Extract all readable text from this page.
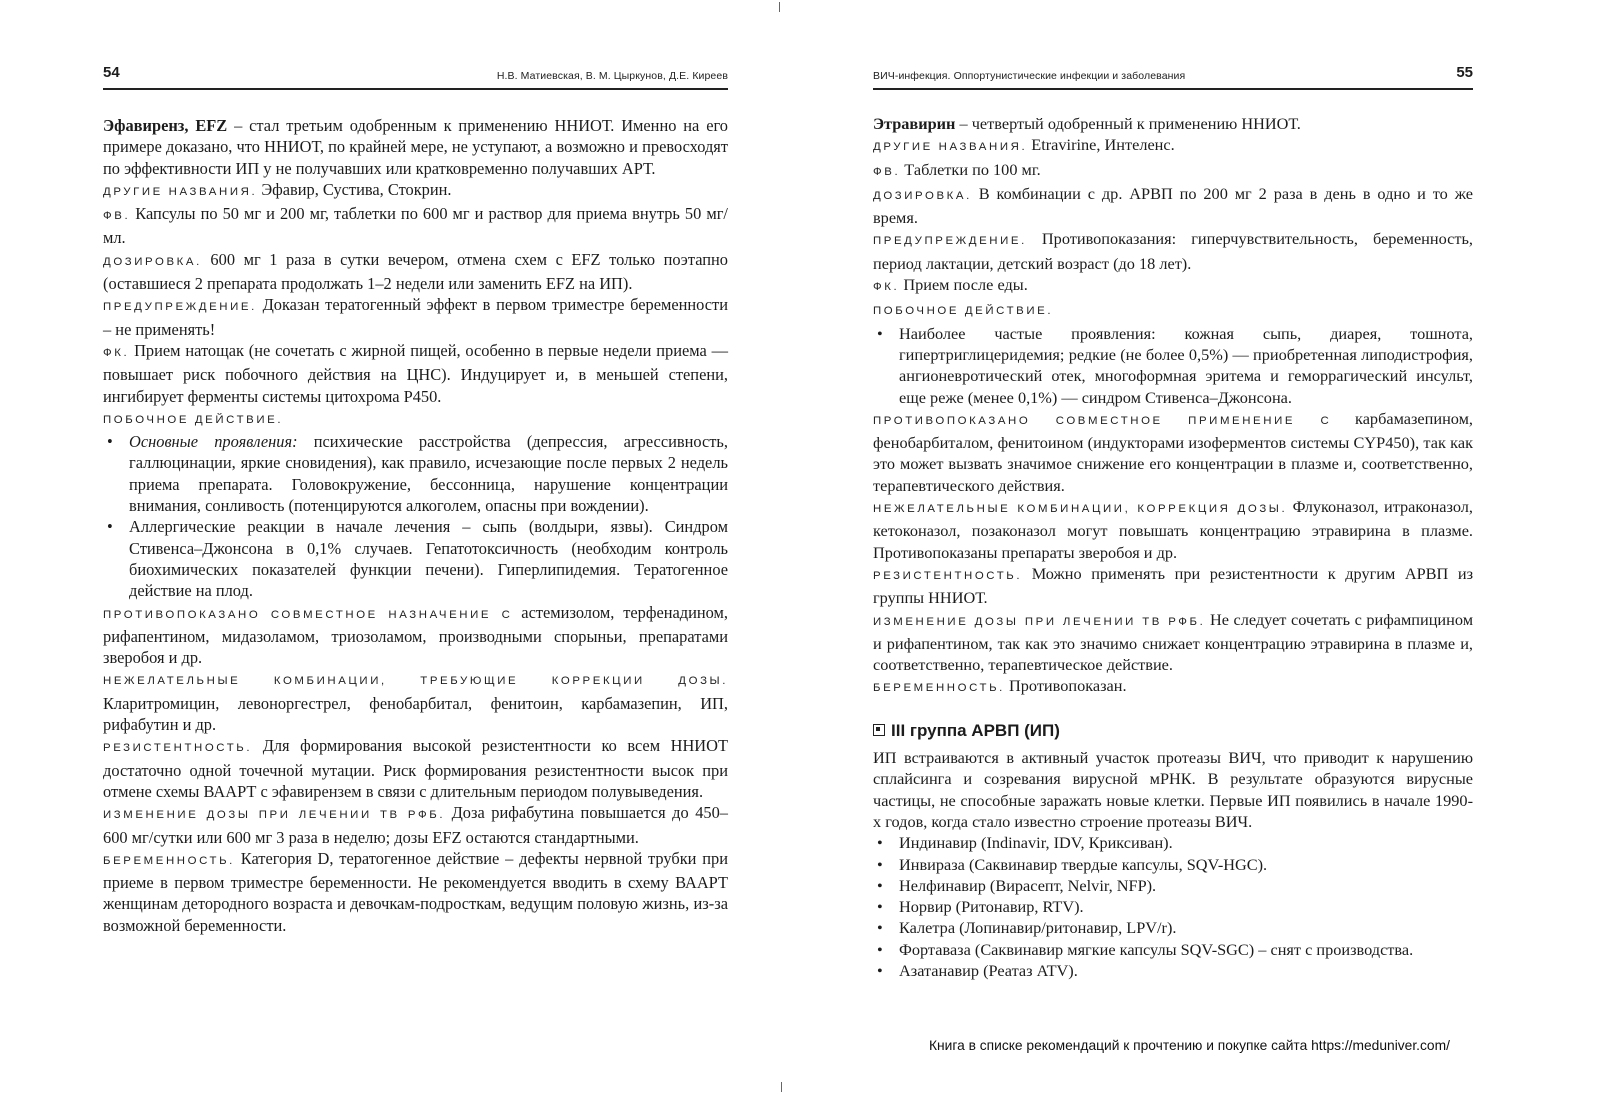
54	Н.В. Матиевская, В. М. Цыркунов, Д.Е. Киреев

Эфавиренз, EFZ – стал третьим одобренным к применению ННИОТ. Именно на его примере доказано, что ННИОТ, по крайней мере, не уступают, а возможно и превосходят по эффективности ИП у не получавших или кратковременно получавших АРТ.

ДРУГИЕ НАЗВАНИЯ. Эфавир, Сустива, Стокрин.

ФВ. Капсулы по 50 мг и 200 мг, таблетки по 600 мг и раствор для приема внутрь 50 мг/мл.

ДОЗИРОВКА. 600 мг 1 раза в сутки вечером, отмена схем с EFZ только поэтапно (оставшиеся 2 препарата продолжать 1–2 недели или заменить EFZ на ИП).

ПРЕДУПРЕЖДЕНИЕ. Доказан тератогенный эффект в первом триместре беременности – не применять!

ФК. Прием натощак (не сочетать с жирной пищей, особенно в первые недели приема — повышает риск побочного действия на ЦНС). Индуцирует и, в меньшей степени, ингибирует ферменты системы цитохрома Р450.

ПОБОЧНОЕ ДЕЙСТВИЕ.

• Основные проявления: психические расстройства (депрессия, агрессивность, галлюцинации, яркие сновидения), как правило, исчезающие после первых 2 недель приема препарата. Головокружение, бессонница, нарушение концентрации внимания, сонливость (потенцируются алкоголем, опасны при вождении).
• Аллергические реакции в начале лечения – сыпь (волдыри, язвы). Синдром Стивенса–Джонсона в 0,1% случаев. Гепатотоксичность (необходим контроль биохимических показателей функции печени). Гиперлипидемия. Тератогенное действие на плод.

ПРОТИВОПОКАЗАНО СОВМЕСТНОЕ НАЗНАЧЕНИЕ С астемизолом, терфенадином, рифапентином, мидазоламом, триозоламом, производными спорыньи, препаратами зверобоя и др.

НЕЖЕЛАТЕЛЬНЫЕ КОМБИНАЦИИ, ТРЕБУЮЩИЕ КОРРЕКЦИИ ДОЗЫ. Кларитромицин, левоноргестрел, фенобарбитал, фенитоин, карбамазепин, ИП, рифабутин и др.

РЕЗИСТЕНТНОСТЬ. Для формирования высокой резистентности ко всем ННИОТ достаточно одной точечной мутации. Риск формирования резистентности высок при отмене схемы ВААРТ с эфавирензем в связи с длительным периодом полувыведения.

ИЗМЕНЕНИЕ ДОЗЫ ПРИ ЛЕЧЕНИИ ТВ РФБ. Доза рифабутина повышается до 450–600 мг/сутки или 600 мг 3 раза в неделю; дозы EFZ остаются стандартными.

БЕРЕМЕННОСТЬ. Категория D, тератогенное действие – дефекты нервной трубки при приеме в первом триместре беременности. Не рекомендуется вводить в схему ВААРТ женщинам детородного возраста и девочкам-подросткам, ведущим половую жизнь, из-за возможной беременности.

ВИЧ-инфекция. Оппортунистические инфекции и заболевания	55

Этравирин – четвертый одобренный к применению ННИОТ.

ДРУГИЕ НАЗВАНИЯ. Etravirine, Интеленс.

ФВ. Таблетки по 100 мг.

ДОЗИРОВКА. В комбинации с др. АРВП по 200 мг 2 раза в день в одно и то же время.

ПРЕДУПРЕЖДЕНИЕ. Противопоказания: гиперчувствительность, беременность, период лактации, детский возраст (до 18 лет).

ФК. Прием после еды.

ПОБОЧНОЕ ДЕЙСТВИЕ.

• Наиболее частые проявления: кожная сыпь, диарея, тошнота, гипертриглицеридемия; редкие (не более 0,5%) — приобретенная липодистрофия, ангионевротический отек, многоформная эритема и геморрагический инсульт, еще реже (менее 0,1%) — синдром Стивенса–Джонсона.

ПРОТИВОПОКАЗАНО СОВМЕСТНОЕ ПРИМЕНЕНИЕ С карбамазепином, фенобарбиталом, фенитоином (индукторами изоферментов системы CYP450), так как это может вызвать значимое снижение его концентрации в плазме и, соответственно, терапевтического действия.

НЕЖЕЛАТЕЛЬНЫЕ КОМБИНАЦИИ, КОРРЕКЦИЯ ДОЗЫ. Флуконазол, итраконазол, кетоконазол, позаконазол могут повышать концентрацию этравирина в плазме. Противопоказаны препараты зверобоя и др.

РЕЗИСТЕНТНОСТЬ. Можно применять при резистентности к другим АРВП из группы ННИОТ.

ИЗМЕНЕНИЕ ДОЗЫ ПРИ ЛЕЧЕНИИ ТВ РФБ. Не следует сочетать с рифампицином и рифапентином, так как это значимо снижает концентрацию этравирина в плазме и, соответственно, терапевтическое действие.

БЕРЕМЕННОСТЬ. Противопоказан.

III группа АРВП (ИП)

ИП встраиваются в активный участок протеазы ВИЧ, что приводит к нарушению сплайсинга и созревания вирусной мРНК. В результате образуются вирусные частицы, не способные заражать новые клетки. Первые ИП появились в начале 1990-х годов, когда стало известно строение протеазы ВИЧ.

• Индинавир (Indinavir, IDV, Криксиван).
• Инвираза (Саквинавир твердые капсулы, SQV-HGC).
• Нелфинавир (Вирасепт, Nelvir, NFP).
• Норвир (Ритонавир, RTV).
• Калетра (Лопинавир/ритонавир, LPV/r).
• Фортаваза (Саквинавир мягкие капсулы SQV-SGC) – снят с производства.
• Азатанавир (Реатаз ATV).
Книга в списке рекомендаций к прочтению и покупке сайта https://meduniver.com/
